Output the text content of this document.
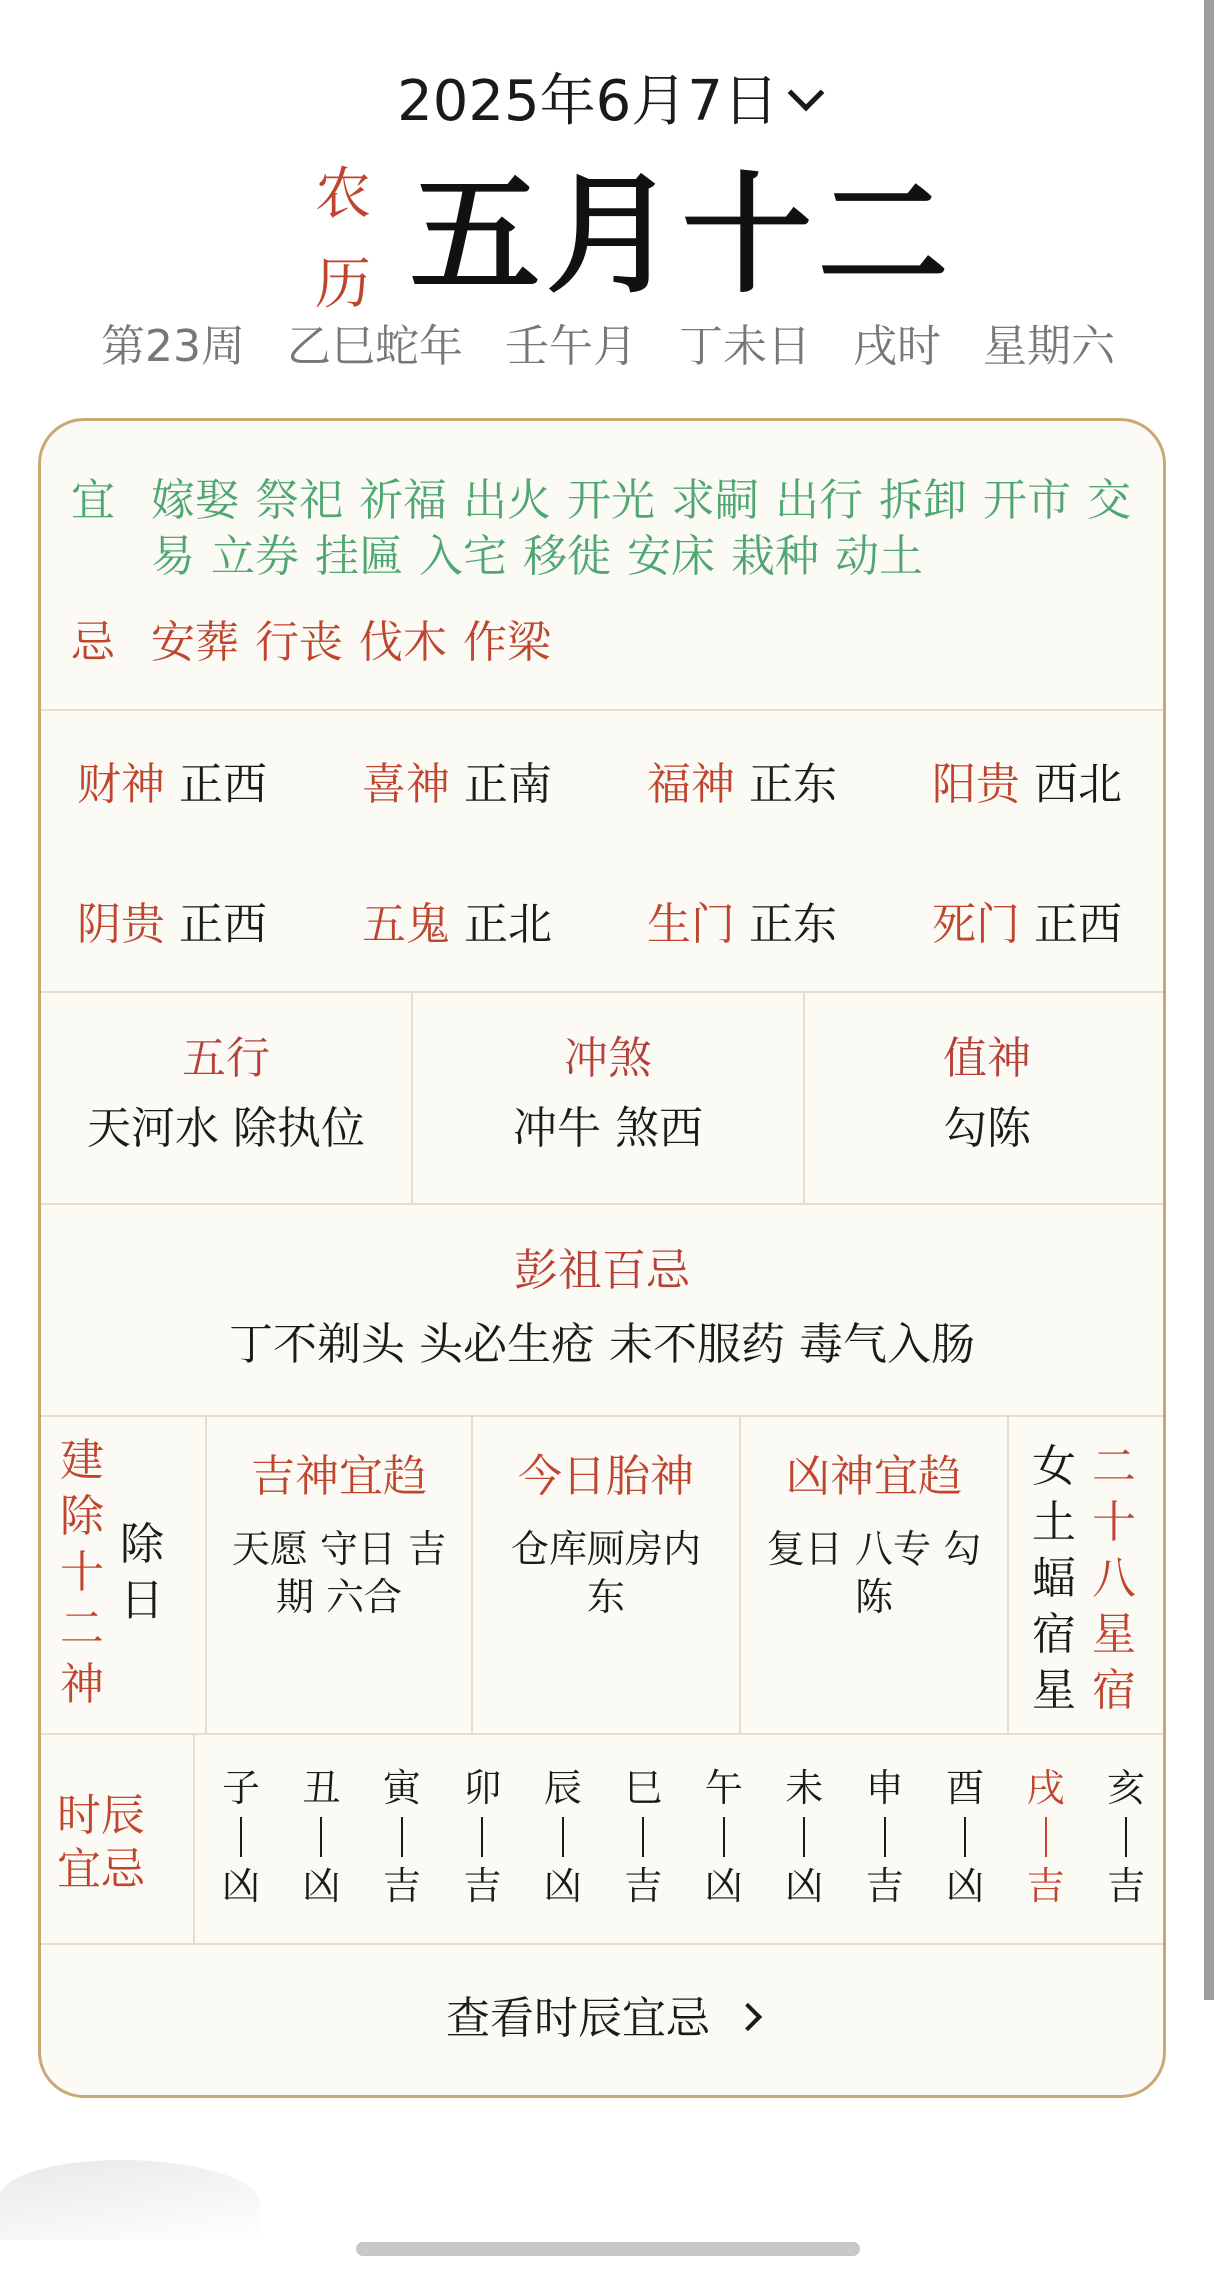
2025年6月7日
农
历 五月十二
第23周 乙巳蛇年 壬午月 丁未日 戌时 星期六
宜 嫁娶 祭祀 祈福 出火 开光 求嗣 出行 拆卸 开市 交易 立券 挂匾 入宅 移徙 安床 栽种 动土
忌 安葬 行丧 伐木 作梁
财神 正西 喜神 正南 福神 正东 阳贵 西北
阴贵 正西 五鬼 正北 生门 正东 死门 正西
五行
天河水 除执位
冲煞
冲牛 煞西
值神
勾陈
彭祖百忌
丁不剃头 头必生疮 未不服药 毒气入肠
建除十二神
除日
吉神宜趋
天愿 守日 吉期 六合
今日胎神
仓库厕房内东
凶神宜趋
复日 八专 勾陈
女土蝠宿星
二十八星宿
时辰宜忌
子
凶
丑
凶
寅
吉
卯
吉
辰
凶
巳
吉
午
凶
未
凶
申
吉
酉
凶
戌
吉
亥
吉
查看时辰宜忌
